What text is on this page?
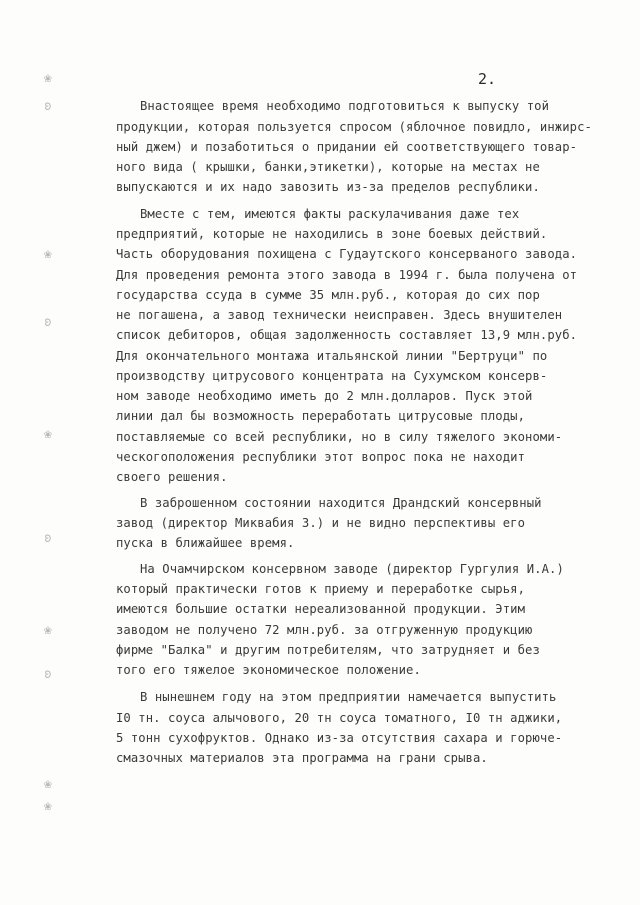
❀
ʚ
❀
ʚ
❀
ʚ
❀
ʚ
❀
❀
2.
Внастоящее время необходимо подготовиться к выпуску той
продукции, которая пользуется спросом (яблочное повидло, инжирс-
ный джем) и позаботиться о придании ей соответствующего товар-
ного вида ( крышки, банки,этикетки), которые на местах не
выпускаются и их надо завозить из-за пределов республики.
Вместе с тем, имеются факты раскулачивания даже тех
предприятий, которые не находились в зоне боевых действий.
Часть оборудования похищена с Гудаутского консерваного завода.
Для проведения ремонта этого завода в 1994 г. была получена от
государства ссуда в сумме 35 млн.руб., которая до сих пор
не погашена, а завод технически неисправен. Здесь внушителен
список дебиторов, общая задолженность составляет 13,9 млн.руб.
Для окончательного монтажа итальянской линии "Бертруци" по
производству цитрусового концентрата на Сухумском консерв-
ном заводе необходимо иметь до 2 млн.долларов. Пуск этой
линии дал бы возможность переработать цитрусовые плоды,
поставляемые со всей республики, но в силу тяжелого экономи-
ческогоположения республики этот вопрос пока не находит
своего решения.
В заброшенном состоянии находится Драндский консервный
завод (директор Миквабия З.) и не видно перспективы его
пуска в ближайшее время.
На Очамчирском консервном заводе (директор Гургулия И.А.)
который практически готов к приему и переработке сырья,
имеются большие остатки нереализованной продукции. Этим
заводом не получено 72 млн.руб. за отгруженную продукцию
фирме "Балка" и другим потребителям, что затрудняет и без
того его тяжелое экономическое положение.
В нынешнем году на этом предприятии намечается выпустить
I0 тн. соуса алычового, 20 тн соуса томатного, I0 тн аджики,
5 тонн сухофруктов. Однако из-за отсутствия сахара и горюче-
смазочных материалов эта программа на грани срыва.
